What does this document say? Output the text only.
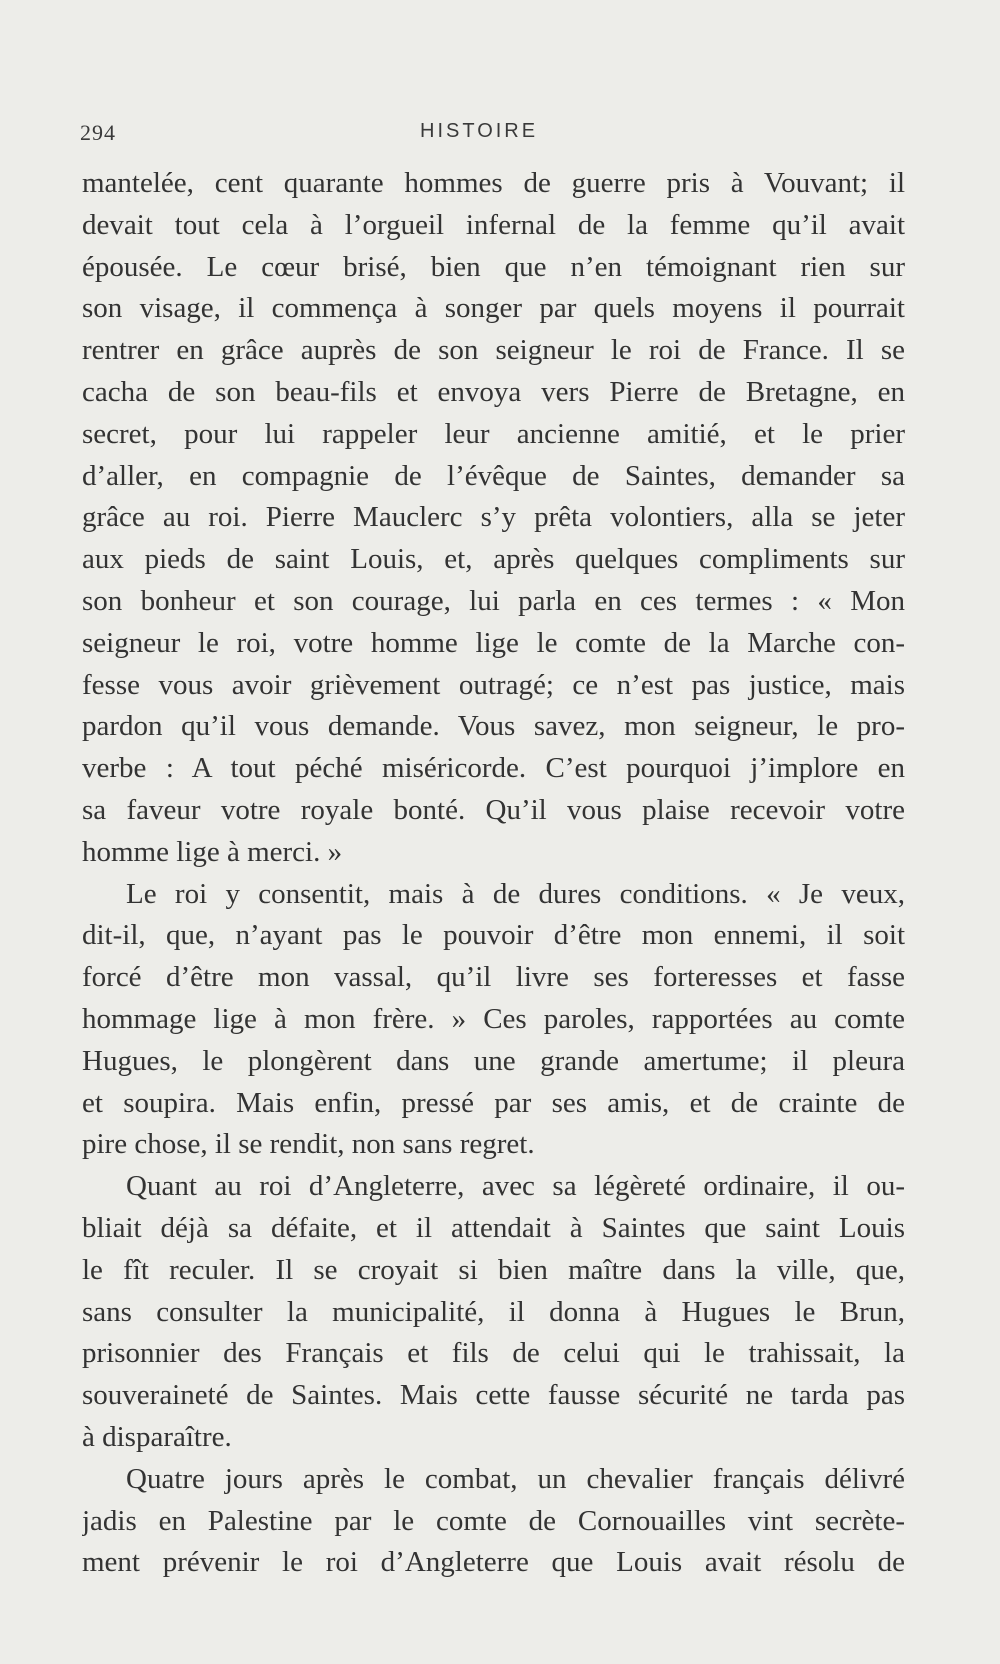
294	HISTOIRE
mantelée, cent quarante hommes de guerre pris à Vouvant; il
devait tout cela à l’orgueil infernal de la femme qu’il avait
épousée. Le cœur brisé, bien que n’en témoignant rien sur
son visage, il commença à songer par quels moyens il pourrait
rentrer en grâce auprès de son seigneur le roi de France. Il se
cacha de son beau-fils et envoya vers Pierre de Bretagne, en
secret, pour lui rappeler leur ancienne amitié, et le prier
d’aller, en compagnie de l’évêque de Saintes, demander sa
grâce au roi. Pierre Mauclerc s’y prêta volontiers, alla se jeter
aux pieds de saint Louis, et, après quelques compliments sur
son bonheur et son courage, lui parla en ces termes : « Mon
seigneur le roi, votre homme lige le comte de la Marche con-
fesse vous avoir grièvement outragé; ce n’est pas justice, mais
pardon qu’il vous demande. Vous savez, mon seigneur, le pro-
verbe : A tout péché miséricorde. C’est pourquoi j’implore en
sa faveur votre royale bonté. Qu’il vous plaise recevoir votre
homme lige à merci. »
Le roi y consentit, mais à de dures conditions. « Je veux,
dit-il, que, n’ayant pas le pouvoir d’être mon ennemi, il soit
forcé d’être mon vassal, qu’il livre ses forteresses et fasse
hommage lige à mon frère. » Ces paroles, rapportées au comte
Hugues, le plongèrent dans une grande amertume; il pleura
et soupira. Mais enfin, pressé par ses amis, et de crainte de
pire chose, il se rendit, non sans regret.
Quant au roi d’Angleterre, avec sa légèreté ordinaire, il ou-
bliait déjà sa défaite, et il attendait à Saintes que saint Louis
le fît reculer. Il se croyait si bien maître dans la ville, que,
sans consulter la municipalité, il donna à Hugues le Brun,
prisonnier des Français et fils de celui qui le trahissait, la
souveraineté de Saintes. Mais cette fausse sécurité ne tarda pas
à disparaître.
Quatre jours après le combat, un chevalier français délivré
jadis en Palestine par le comte de Cornouailles vint secrète-
ment prévenir le roi d’Angleterre que Louis avait résolu de
